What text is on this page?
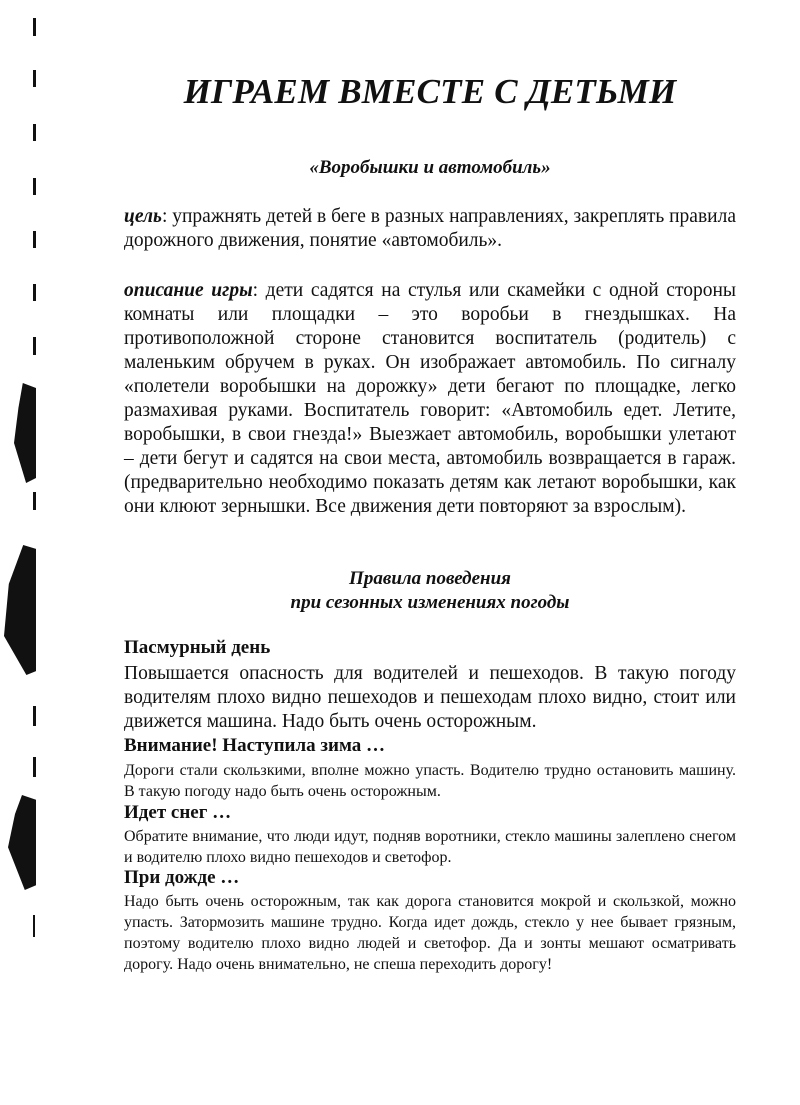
ИГРАЕМ ВМЕСТЕ С ДЕТЬМИ
«Воробышки и автомобиль»

цель: упражнять детей в беге в разных направлениях, закреплять правила дорожного движения, понятие «автомобиль».

описание игры: дети садятся на стулья или скамейки с одной стороны комнаты или площадки – это воробьи в гнездышках. На противоположной стороне становится воспитатель (родитель) с маленьким обручем в руках. Он изображает автомобиль. По сигналу «полетели воробышки на дорожку» дети бегают по площадке, легко размахивая руками. Воспитатель говорит: «Автомобиль едет. Летите, воробышки, в свои гнезда!» Выезжает автомобиль, воробышки улетают – дети бегут и садятся на свои места, автомобиль возвращается в гараж. (предварительно необходимо показать детям как летают воробышки, как они клюют зернышки. Все движения дети повторяют за взрослым).

Правила поведения
при сезонных изменениях погоды
Пасмурный день

Повышается опасность для водителей и пешеходов. В такую погоду водителям плохо видно пешеходов и пешеходам плохо видно, стоит или движется машина. Надо быть очень осторожным.

Внимание! Наступила зима …

Дороги стали скользкими, вполне можно упасть. Водителю трудно остановить машину. В такую погоду надо быть очень осторожным.

Идет снег …

Обратите внимание, что люди идут, подняв воротники, стекло машины залеплено снегом и водителю плохо видно пешеходов и светофор.

При дожде …

Надо быть очень осторожным, так как дорога становится мокрой и скользкой, можно упасть. Затормозить машине трудно. Когда идет дождь, стекло у нее бывает грязным, поэтому водителю плохо видно людей и светофор. Да и зонты мешают осматривать дорогу. Надо очень внимательно, не спеша переходить дорогу!
